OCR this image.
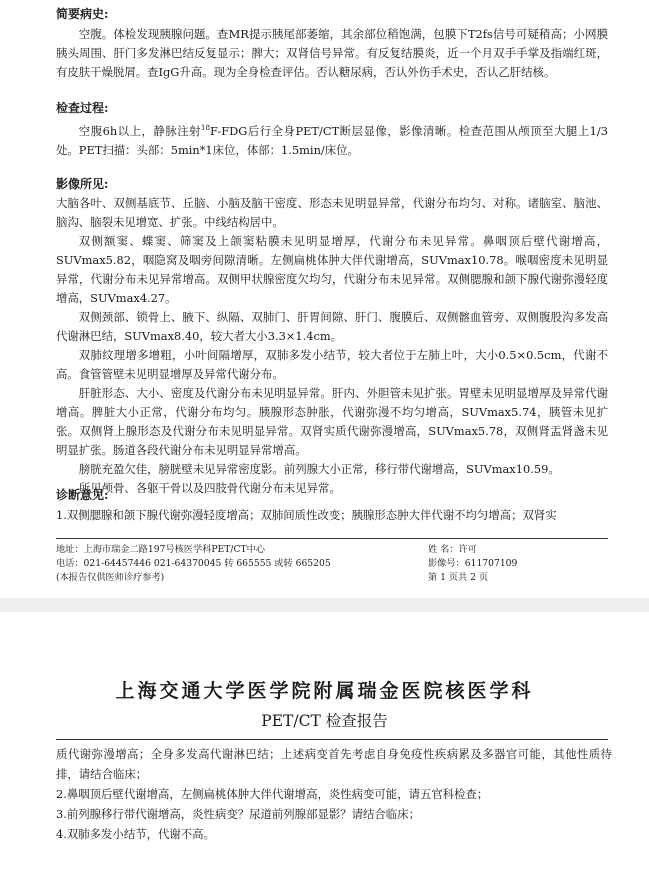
简要病史:

空腹。体检发现胰腺问题。查MR提示胰尾部萎缩，其余部位稍饱满，包膜下T2fs信号可疑稍高；小网膜胰头周围、肝门多发淋巴结反复显示；脾大；双肾信号异常。有反复结膜炎，近一个月双手手掌及指端红斑，有皮肤干燥脱屑。查IgG升高。现为全身检查评估。否认糖尿病，否认外伤手术史，否认乙肝结核。

检查过程:

空腹6h以上，静脉注射$^{18}$F-FDG后行全身PET/CT断层显像，影像清晰。检查范围从颅顶至大腿上1/3处。PET扫描：头部：5min*1床位，体部：1.5min/床位。

影像所见:

大脑各叶、双侧基底节、丘脑、小脑及脑干密度、形态未见明显异常，代谢分布均匀、对称。诸脑室、脑池、脑沟、脑裂未见增宽、扩张。中线结构居中。

双侧额窦、蝶窦、筛窦及上颌窦粘膜未见明显增厚，代谢分布未见异常。鼻咽顶后壁代谢增高，SUVmax5.82，咽隐窝及咽旁间隙清晰。左侧扁桃体肿大伴代谢增高，SUVmax10.78。喉咽密度未见明显异常，代谢分布未见异常增高。双侧甲状腺密度欠均匀，代谢分布未见异常。双侧腮腺和颌下腺代谢弥漫轻度增高，SUVmax4.27。

双侧颈部、锁骨上、腋下、纵隔、双肺门、肝胃间隙、肝门、腹膜后、双侧髂血管旁、双侧腹股沟多发高代谢淋巴结，SUVmax8.40，较大者大小3.3×1.4cm。

双肺纹理增多增粗，小叶间隔增厚，双肺多发小结节，较大者位于左肺上叶，大小0.5×0.5cm，代谢不高。食管管壁未见明显增厚及异常代谢分布。

肝脏形态、大小、密度及代谢分布未见明显异常。肝内、外胆管未见扩张。胃壁未见明显增厚及异常代谢增高。脾脏大小正常，代谢分布均匀。胰腺形态肿胀，代谢弥漫不均匀增高，SUVmax5.74，胰管未见扩张。双侧肾上腺形态及代谢分布未见明显异常。双肾实质代谢弥漫增高，SUVmax5.78，双侧肾盂肾盏未见明显扩张。肠道各段代谢分布未见明显异常增高。

膀胱充盈欠佳，膀胱壁未见异常密度影。前列腺大小正常，移行带代谢增高，SUVmax10.59。

所见颅骨、各躯干骨以及四肢骨代谢分布未见异常。

诊断意见:

1.双侧腮腺和颌下腺代谢弥漫轻度增高；双肺间质性改变；胰腺形态肿大伴代谢不均匀增高；双肾实

地址：上海市瑞金二路197号核医学科PET/CT中心	姓 名：许可
电话：021-64457446 021-64370045 转 665555 或转 665205	影像号：611707109
(本报告仅供医师诊疗参考)	第 1 页共 2 页
上海交通大学医学院附属瑞金医院核医学科
PET/CT 检查报告

质代谢弥漫增高；全身多发高代谢淋巴结；上述病变首先考虑自身免疫性疾病累及多器官可能，其他性质待排，请结合临床；

2.鼻咽顶后壁代谢增高，左侧扁桃体肿大伴代谢增高，炎性病变可能，请五官科检查；

3.前列腺移行带代谢增高，炎性病变？尿道前列腺部显影？请结合临床；

4.双肺多发小结节，代谢不高。
